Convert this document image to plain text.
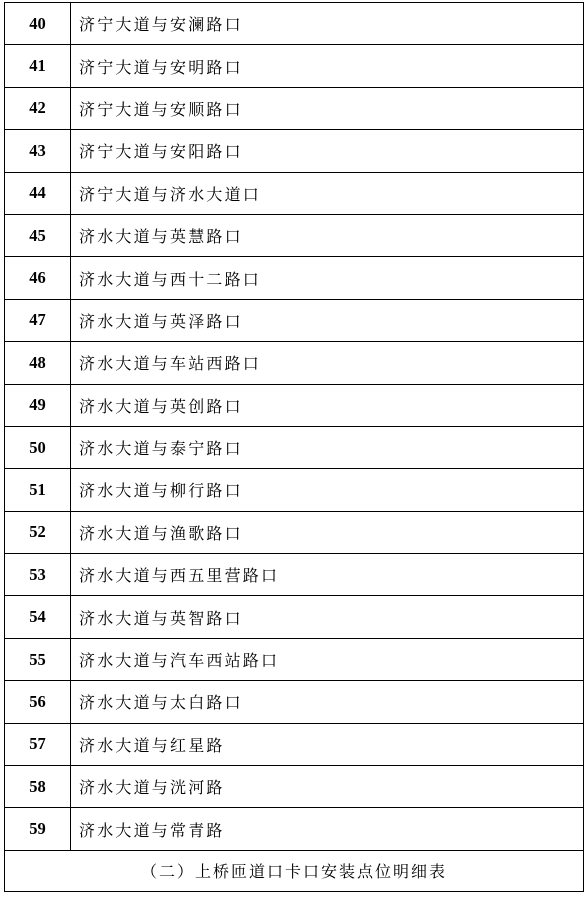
40	济宁大道与安澜路口
41	济宁大道与安明路口
42	济宁大道与安顺路口
43	济宁大道与安阳路口
44	济宁大道与济水大道口
45	济水大道与英慧路口
46	济水大道与西十二路口
47	济水大道与英泽路口
48	济水大道与车站西路口
49	济水大道与英创路口
50	济水大道与泰宁路口
51	济水大道与柳行路口
52	济水大道与渔歌路口
53	济水大道与西五里营路口
54	济水大道与英智路口
55	济水大道与汽车西站路口
56	济水大道与太白路口
57	济水大道与红星路
58	济水大道与洸河路
59	济水大道与常青路
（二）上桥匝道口卡口安装点位明细表	
